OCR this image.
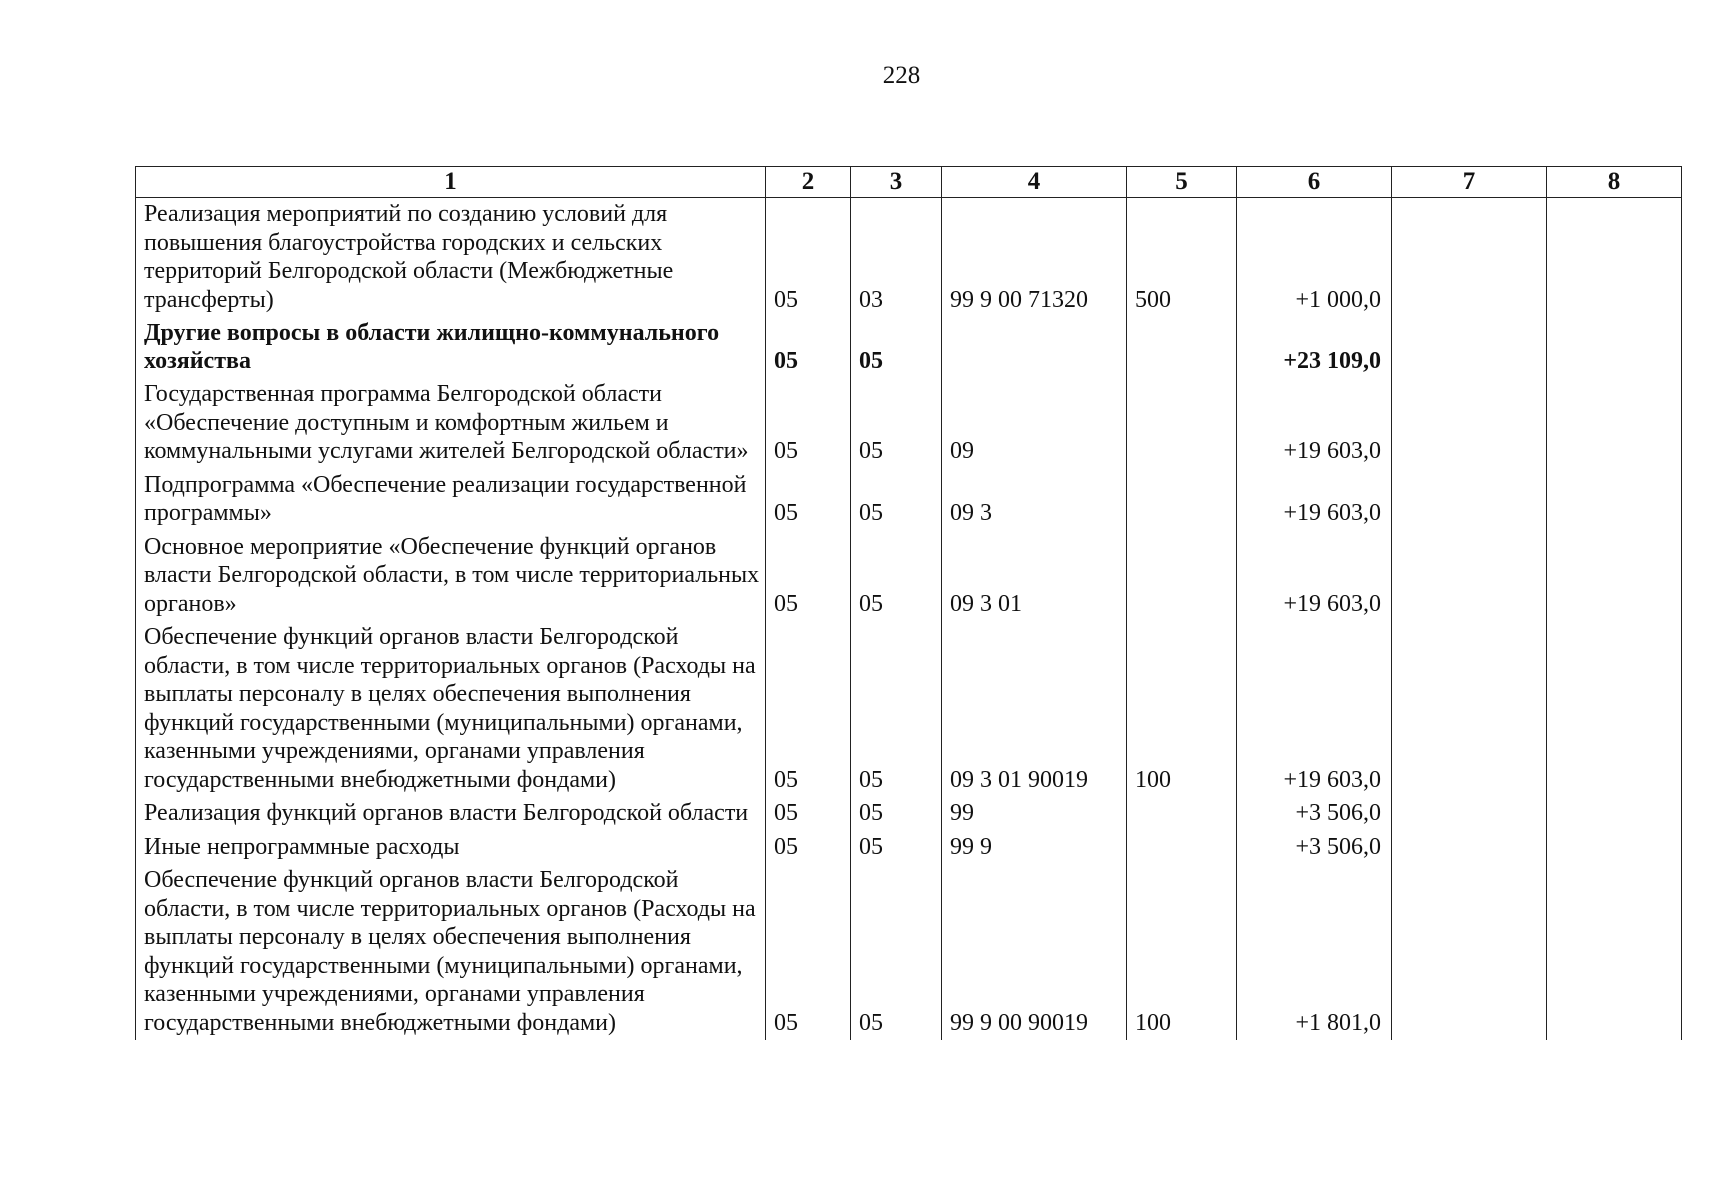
228
1	2	3	4	5	6	7	8
Реализация мероприятий по созданию условий для повышения благоустройства городских и сельских территорий Белгородской области (Межбюджетные трансферты)	05	03	99 9 00 71320	500	+1 000,0		
Другие вопросы в области жилищно-коммунального хозяйства	05	05			+23 109,0		
Государственная программа Белгородской области «Обеспечение доступным и комфортным жильем и коммунальными услугами жителей Белгородской области»	05	05	09		+19 603,0		
Подпрограмма «Обеспечение реализации государственной программы»	05	05	09 3		+19 603,0		
Основное мероприятие «Обеспечение функций органов власти Белгородской области, в том числе территориальных органов»	05	05	09 3 01		+19 603,0		
Обеспечение функций органов власти Белгородской области, в том числе территориальных органов (Расходы на выплаты персоналу в целях обеспечения выполнения функций государственными (муниципальными) органами, казенными учреждениями, органами управления государственными внебюджетными фондами)	05	05	09 3 01 90019	100	+19 603,0		
Реализация функций органов власти Белгородской области	05	05	99		+3 506,0		
Иные непрограммные расходы	05	05	99 9		+3 506,0		
Обеспечение функций органов власти Белгородской области, в том числе территориальных органов (Расходы на выплаты персоналу в целях обеспечения выполнения функций государственными (муниципальными) органами, казенными учреждениями, органами управления государственными внебюджетными фондами)	05	05	99 9 00 90019	100	+1 801,0		
